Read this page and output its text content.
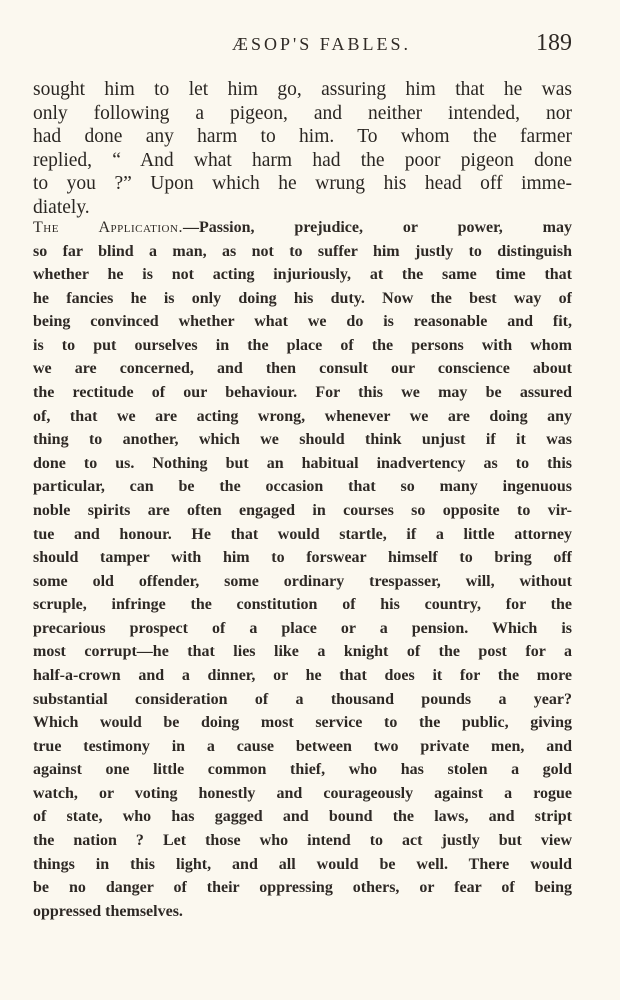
ÆSOP'S FABLES.	189
sought him to let him go, assuring him that he was
only following a pigeon, and neither intended, nor
had done any harm to him. To whom the farmer
replied, “ And what harm had the poor pigeon done
to you ?” Upon which he wrung his head off imme-
diately.
The Application.—Passion, prejudice, or power, may
so far blind a man, as not to suffer him justly to distinguish
whether he is not acting injuriously, at the same time that
he fancies he is only doing his duty. Now the best way of
being convinced whether what we do is reasonable and fit,
is to put ourselves in the place of the persons with whom
we are concerned, and then consult our conscience about
the rectitude of our behaviour. For this we may be assured
of, that we are acting wrong, whenever we are doing any
thing to another, which we should think unjust if it was
done to us. Nothing but an habitual inadvertency as to this
particular, can be the occasion that so many ingenuous
noble spirits are often engaged in courses so opposite to vir-
tue and honour. He that would startle, if a little attorney
should tamper with him to forswear himself to bring off
some old offender, some ordinary trespasser, will, without
scruple, infringe the constitution of his country, for the
precarious prospect of a place or a pension. Which is
most corrupt—he that lies like a knight of the post for a
half-a-crown and a dinner, or he that does it for the more
substantial consideration of a thousand pounds a year?
Which would be doing most service to the public, giving
true testimony in a cause between two private men, and
against one little common thief, who has stolen a gold
watch, or voting honestly and courageously against a rogue
of state, who has gagged and bound the laws, and stript
the nation ? Let those who intend to act justly but view
things in this light, and all would be well. There would
be no danger of their oppressing others, or fear of being
oppressed themselves.
